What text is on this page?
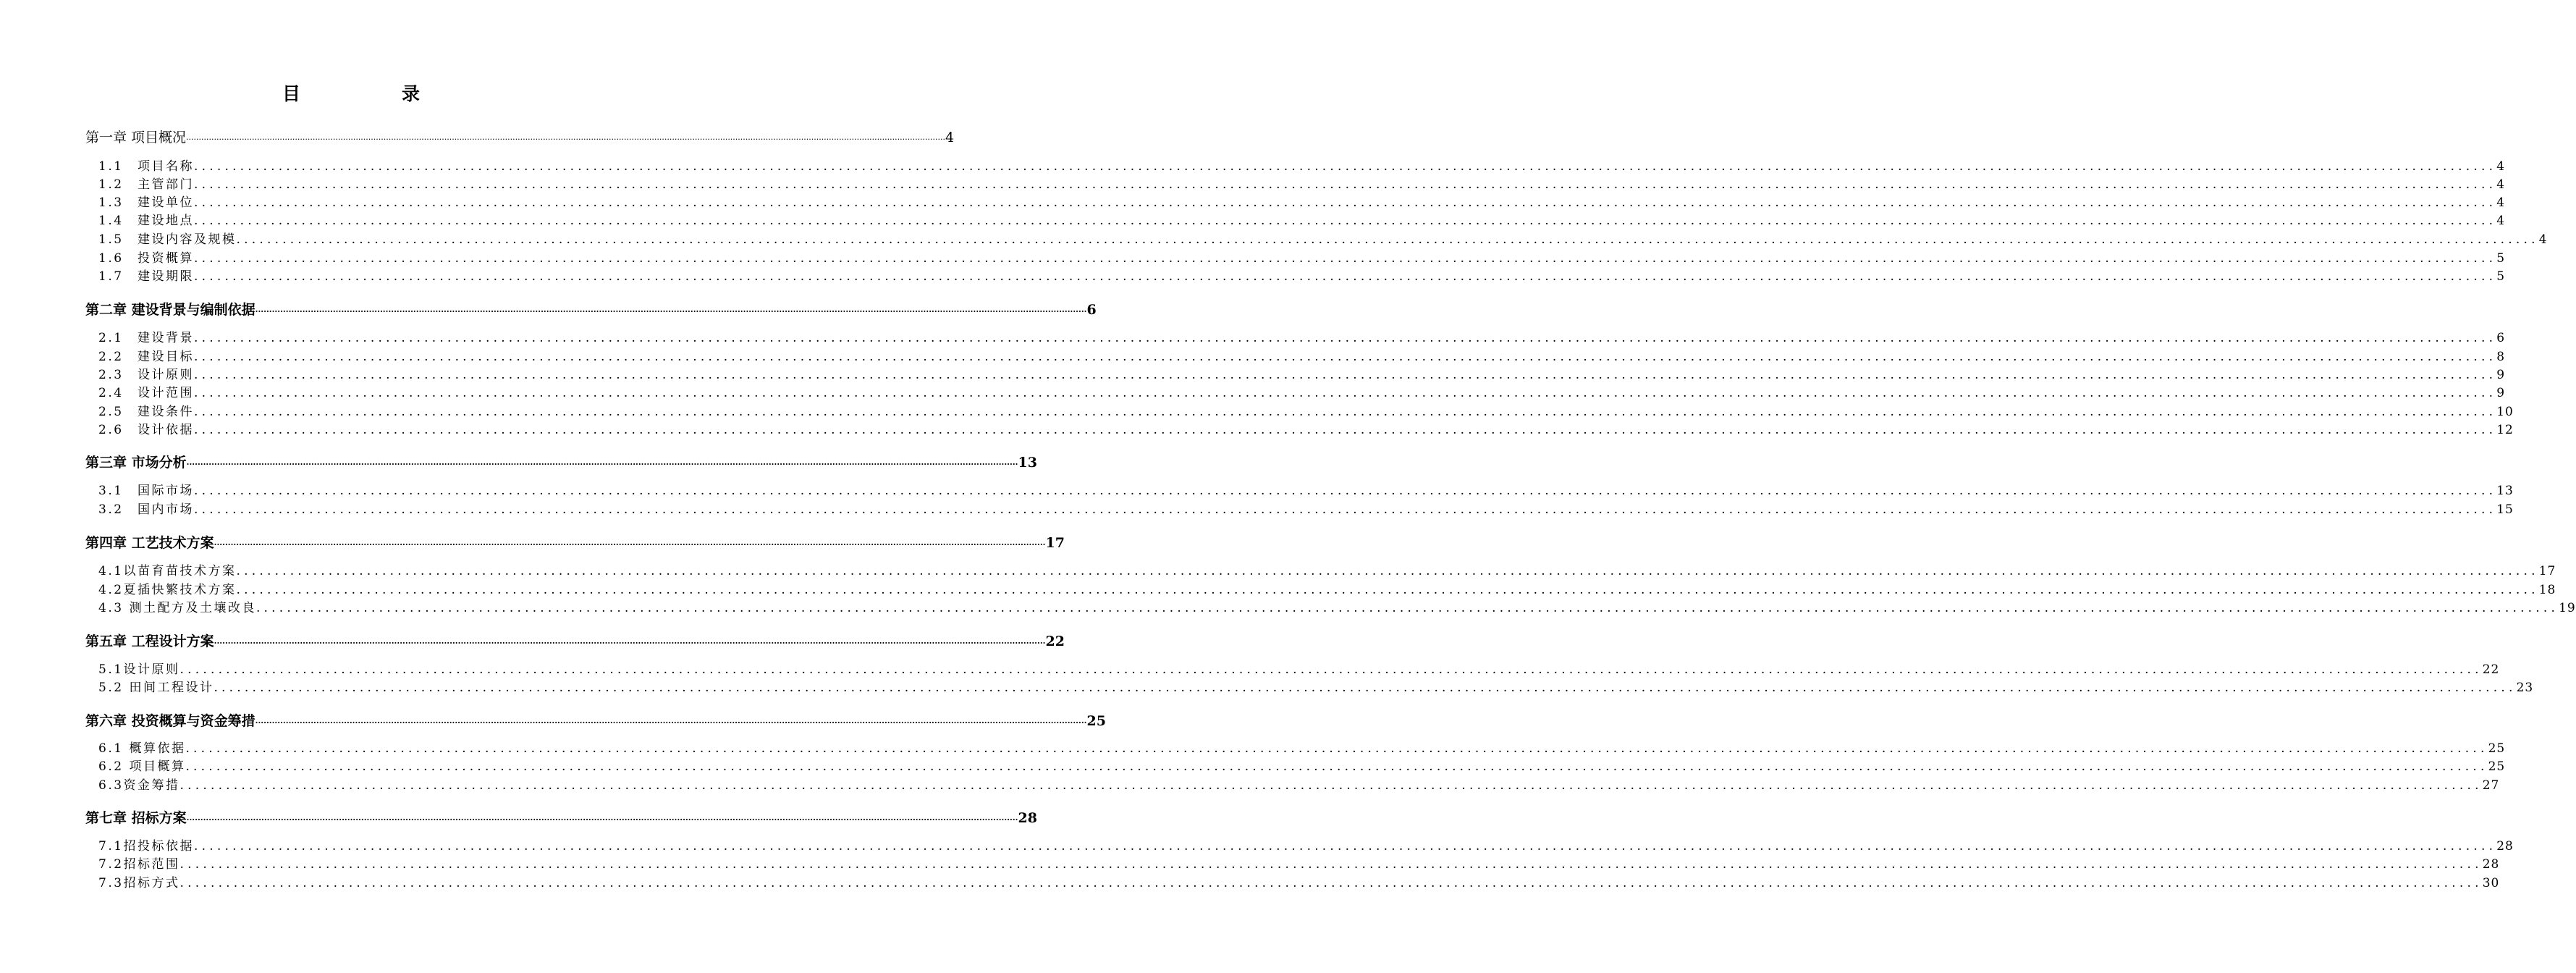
目	录
第一章 项目概况 ............................................................................................................................................................................................................................................................................................................ 4
1.1　项目名称 ............................................................................................................................................................................................................................................................................................................ 4
1.2　主管部门 ............................................................................................................................................................................................................................................................................................................ 4
1.3　建设单位 ............................................................................................................................................................................................................................................................................................................ 4
1.4　建设地点 ............................................................................................................................................................................................................................................................................................................ 4
1.5　建设内容及规模 ............................................................................................................................................................................................................................................................................................................ 4
1.6　投资概算 ............................................................................................................................................................................................................................................................................................................ 5
1.7　建设期限 ............................................................................................................................................................................................................................................................................................................ 5
第二章 建设背景与编制依据 ............................................................................................................................................................................................................................................................................................................ 6
2.1　建设背景 ............................................................................................................................................................................................................................................................................................................ 6
2.2　建设目标 ............................................................................................................................................................................................................................................................................................................ 8
2.3　设计原则 ............................................................................................................................................................................................................................................................................................................ 9
2.4　设计范围 ............................................................................................................................................................................................................................................................................................................ 9
2.5　建设条件 ............................................................................................................................................................................................................................................................................................................ 10
2.6　设计依据 ............................................................................................................................................................................................................................................................................................................ 12
第三章 市场分析 ............................................................................................................................................................................................................................................................................................................ 13
3.1　国际市场 ............................................................................................................................................................................................................................................................................................................ 13
3.2　国内市场 ............................................................................................................................................................................................................................................................................................................ 15
第四章 工艺技术方案 ............................................................................................................................................................................................................................................................................................................ 17
4.1以苗育苗技术方案 ............................................................................................................................................................................................................................................................................................................ 17
4.2夏插快繁技术方案 ............................................................................................................................................................................................................................................................................................................ 18
4.3 测土配方及土壤改良 ............................................................................................................................................................................................................................................................................................................ 19
第五章 工程设计方案 ............................................................................................................................................................................................................................................................................................................ 22
5.1设计原则 ............................................................................................................................................................................................................................................................................................................ 22
5.2 田间工程设计 ............................................................................................................................................................................................................................................................................................................ 23
第六章 投资概算与资金筹措 ............................................................................................................................................................................................................................................................................................................ 25
6.1 概算依据 ............................................................................................................................................................................................................................................................................................................ 25
6.2 项目概算 ............................................................................................................................................................................................................................................................................................................ 25
6.3资金筹措 ............................................................................................................................................................................................................................................................................................................ 27
第七章 招标方案 ............................................................................................................................................................................................................................................................................................................ 28
7.1招投标依据 ............................................................................................................................................................................................................................................................................................................ 28
7.2招标范围 ............................................................................................................................................................................................................................................................................................................ 28
7.3招标方式 ............................................................................................................................................................................................................................................................................................................ 30
